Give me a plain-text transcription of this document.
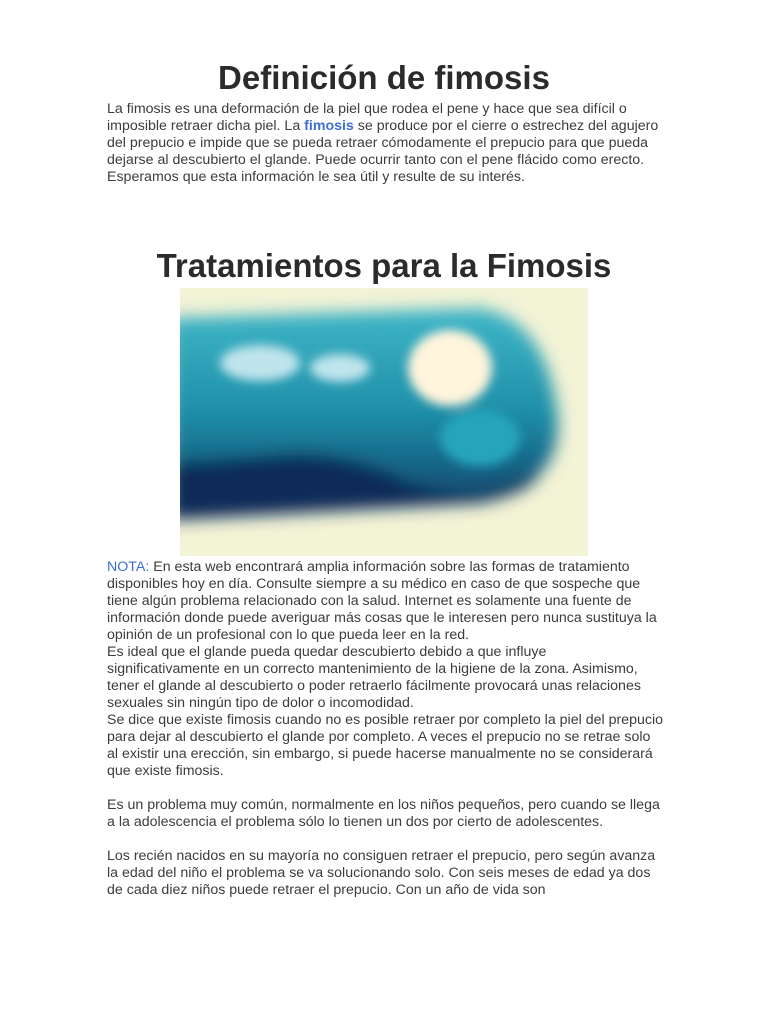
Definición de fimosis

La fimosis es una deformación de la piel que rodea el pene y hace que sea difícil o imposible retraer dicha piel. La fimosis se produce por el cierre o estrechez del agujero del prepucio e impide que se pueda retraer cómodamente el prepucio para que pueda dejarse al descubierto el glande. Puede ocurrir tanto con el pene flácido como erecto. Esperamos que esta información le sea útil y resulte de su interés.

Tratamientos para la Fimosis

NOTA: En esta web encontrará amplia información sobre las formas de tratamiento disponibles hoy en día. Consulte siempre a su médico en caso de que sospeche que tiene algún problema relacionado con la salud. Internet es solamente una fuente de información donde puede averiguar más cosas que le interesen pero nunca sustituya la opinión de un profesional con lo que pueda leer en la red.

Es ideal que el glande pueda quedar descubierto debido a que influye significativamente en un correcto mantenimiento de la higiene de la zona. Asimismo, tener el glande al descubierto o poder retraerlo fácilmente provocará unas relaciones sexuales sin ningún tipo de dolor o incomodidad.

Se dice que existe fimosis cuando no es posible retraer por completo la piel del prepucio para dejar al descubierto el glande por completo. A veces el prepucio no se retrae solo al existir una erección, sin embargo, si puede hacerse manualmente no se considerará que existe fimosis.

Es un problema muy común, normalmente en los niños pequeños, pero cuando se llega a la adolescencia el problema sólo lo tienen un dos por cierto de adolescentes.

Los recién nacidos en su mayoría no consiguen retraer el prepucio, pero según avanza la edad del niño el problema se va solucionando solo. Con seis meses de edad ya dos de cada diez niños puede retraer el prepucio. Con un año de vida son
